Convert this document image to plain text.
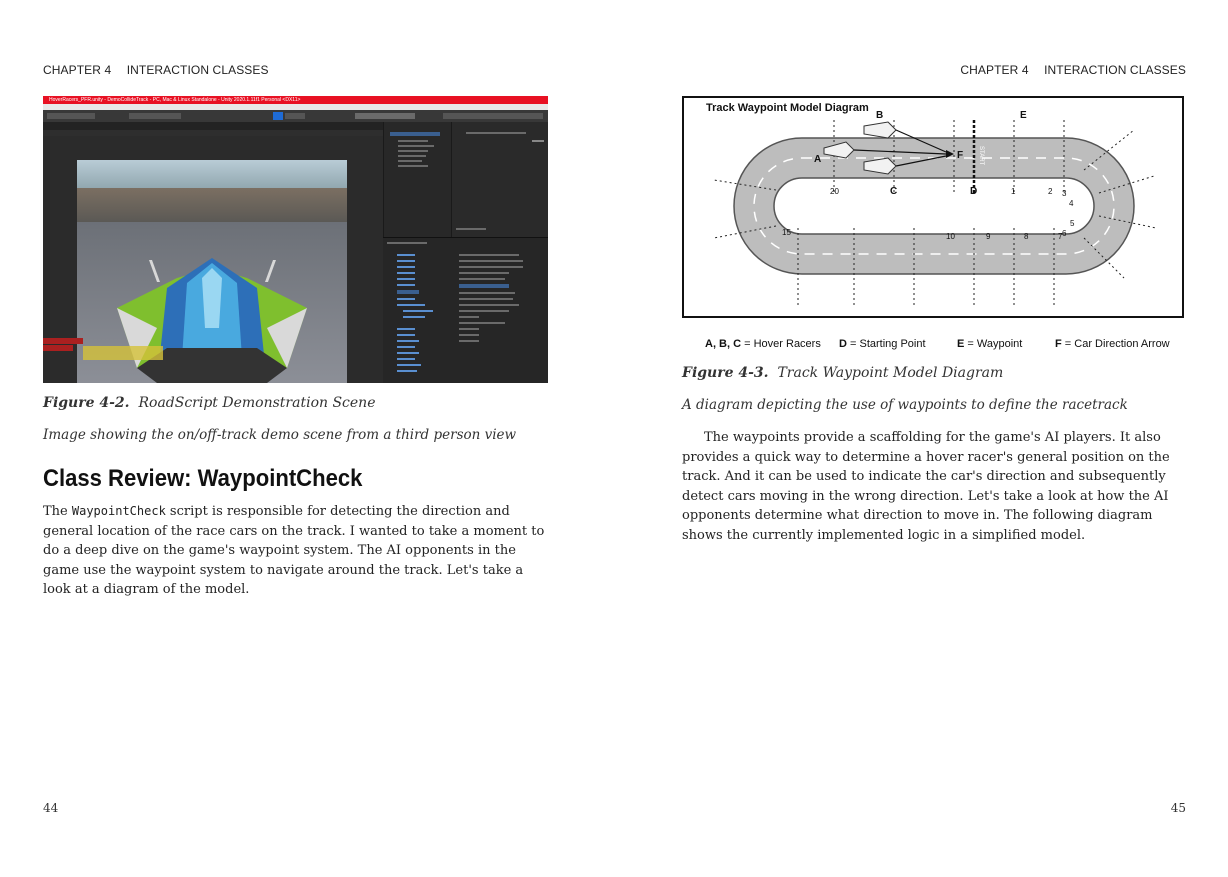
CHAPTER 4 INTERACTION CLASSES
HoverRacers_PFR.unity - DemoCollideTrack - PC, Mac & Linux Standalone - Unity 2020.1.11f1 Personal <DX11>
Figure 4-2. RoadScript Demonstration Scene
Image showing the on/off-track demo scene from a third person view
Class Review: WaypointCheck
The WaypointCheck script is responsible for detecting the direction and general location of the race cars on the track. I wanted to take a moment to do a deep dive on the game's waypoint system. The AI opponents in the game use the waypoint system to navigate around the track. Let's take a look at a diagram of the model.
44
CHAPTER 4 INTERACTION CLASSES
Track Waypoint Model Diagram
START
A
B	E
F
20	C	D	1	2 3
4
5
6
15	10	9	8	7
A, B, C = Hover Racers D = Starting Point	E = Waypoint	F = Car Direction Arrow
Figure 4-3. Track Waypoint Model Diagram
A diagram depicting the use of waypoints to define the racetrack
The waypoints provide a scaffolding for the game's AI players. It also provides a quick way to determine a hover racer's general position on the track. And it can be used to indicate the car's direction and subsequently detect cars moving in the wrong direction. Let's take a look at how the AI opponents determine what direction to move in. The following diagram shows the currently implemented logic in a simplified model.
45
